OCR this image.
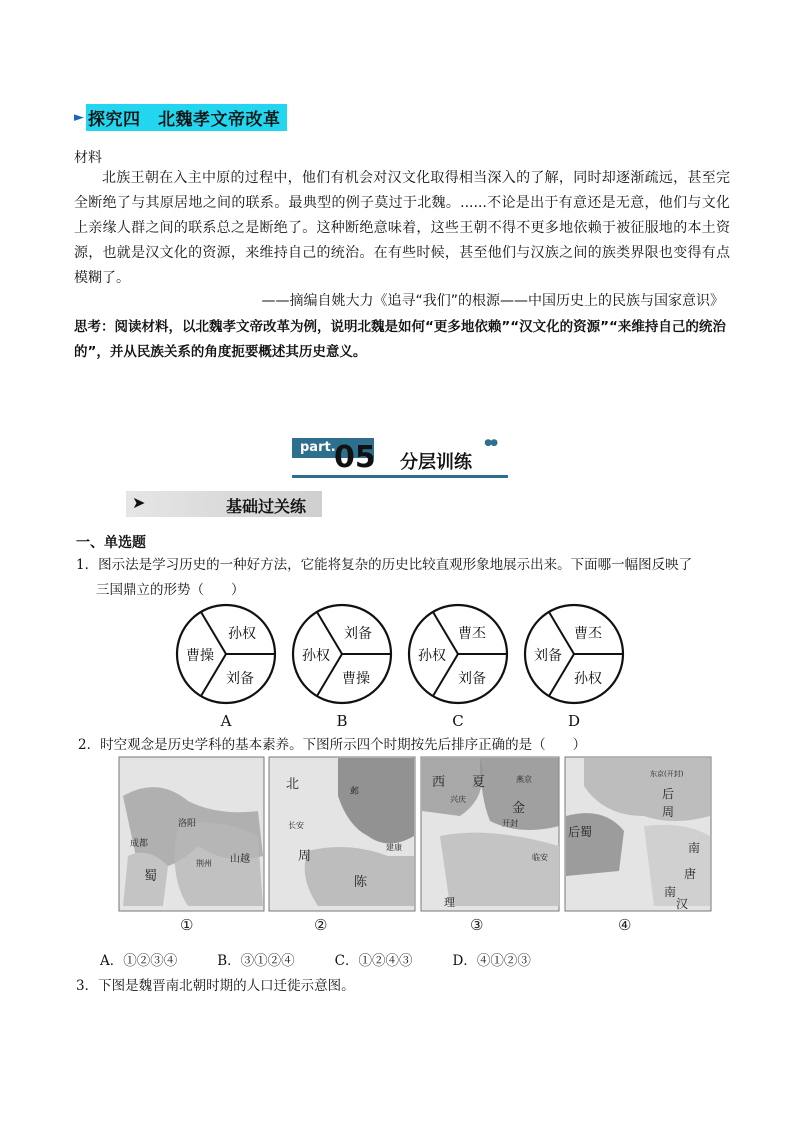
► 探究四　北魏孝文帝改革
材料
北族王朝在入主中原的过程中，他们有机会对汉文化取得相当深入的了解，同时却逐渐疏远，甚至完全断绝了与其原居地之间的联系。最典型的例子莫过于北魏。......不论是出于有意还是无意，他们与文化上亲缘人群之间的联系总之是断绝了。这种断绝意味着，这些王朝不得不更多地依赖于被征服地的本土资源，也就是汉文化的资源，来维持自己的统治。在有些时候，甚至他们与汉族之间的族类界限也变得有点模糊了。
——摘编自姚大力《追寻“我们”的根源——中国历史上的民族与国家意识》
思考：阅读材料，以北魏孝文帝改革为例，说明北魏是如何“更多地依赖”“汉文化的资源”“来维持自己的统治的”，并从民族关系的角度扼要概述其历史意义。
part.
05 分层训练
●●
➤	基础过关练
一、单选题
1．图示法是学习历史的一种好方法，它能将复杂的历史比较直观形象地展示出来。下面哪一幅图反映了
三国鼎立的形势（　　）
孙权
曹操
刘备
A
刘备
孙权
曹操
B
曹丕
孙权
刘备
C
曹丕
刘备
孙权
D
2．时空观念是历史学科的基本素养。下图所示四个时期按先后排序正确的是（　　）
洛阳
成都
荆州 山越
蜀
北	邺
长安
周
建康
陈
西 夏
兴庆
燕京
金
开封
临安
理
东京(开封)
后
周
后蜀
南
唐
南
汉
①	②	③	④
A．①②③④	B．③①②④	C．①②④③	D．④①②③
3．下图是魏晋南北朝时期的人口迁徙示意图。
